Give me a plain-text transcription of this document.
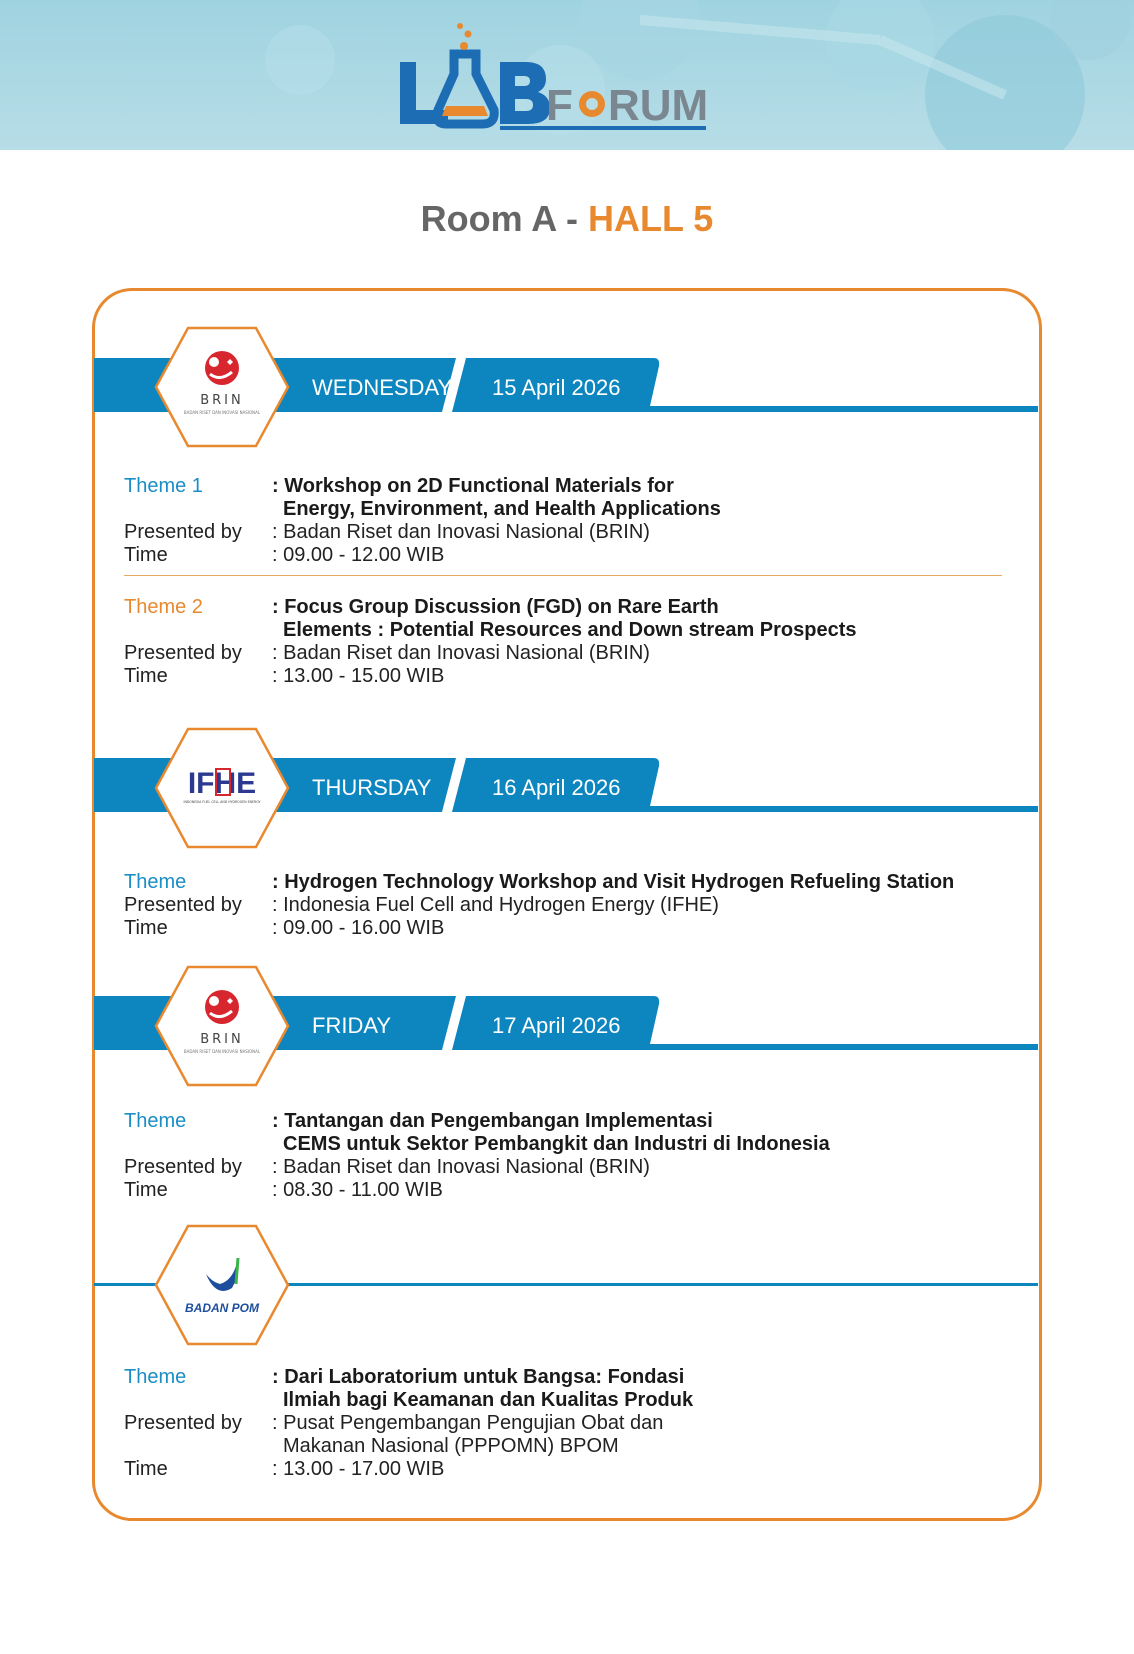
F RUM
Room A - HALL 5
WEDNESDAY 15 April 2026
BRIN
BADAN RISET DAN INOVASI NASIONAL
Theme 1	: Workshop on 2D Functional Materials for
Energy, Environment, and Health Applications
Presented by	: Badan Riset dan Inovasi Nasional (BRIN)
Time	: 09.00 - 12.00 WIB
Theme 2	: Focus Group Discussion (FGD) on Rare Earth
Elements : Potential Resources and Down stream Prospects
Presented by	: Badan Riset dan Inovasi Nasional (BRIN)
Time	: 13.00 - 15.00 WIB
THURSDAY	16 April 2026
IFHE
INDONESIA FUEL CELL AND HYDROGEN ENERGY
Theme	: Hydrogen Technology Workshop and Visit Hydrogen Refueling Station
Presented by	: Indonesia Fuel Cell and Hydrogen Energy (IFHE)
Time	: 09.00 - 16.00 WIB
FRIDAY	17 April 2026
BRIN
BADAN RISET DAN INOVASI NASIONAL
Theme	: Tantangan dan Pengembangan Implementasi
CEMS untuk Sektor Pembangkit dan Industri di Indonesia
Presented by	: Badan Riset dan Inovasi Nasional (BRIN)
Time	: 08.30 - 11.00 WIB
BADAN POM
Theme	: Dari Laboratorium untuk Bangsa: Fondasi
Ilmiah bagi Keamanan dan Kualitas Produk
Presented by	: Pusat Pengembangan Pengujian Obat dan
Makanan Nasional (PPPOMN) BPOM
Time	: 13.00 - 17.00 WIB
